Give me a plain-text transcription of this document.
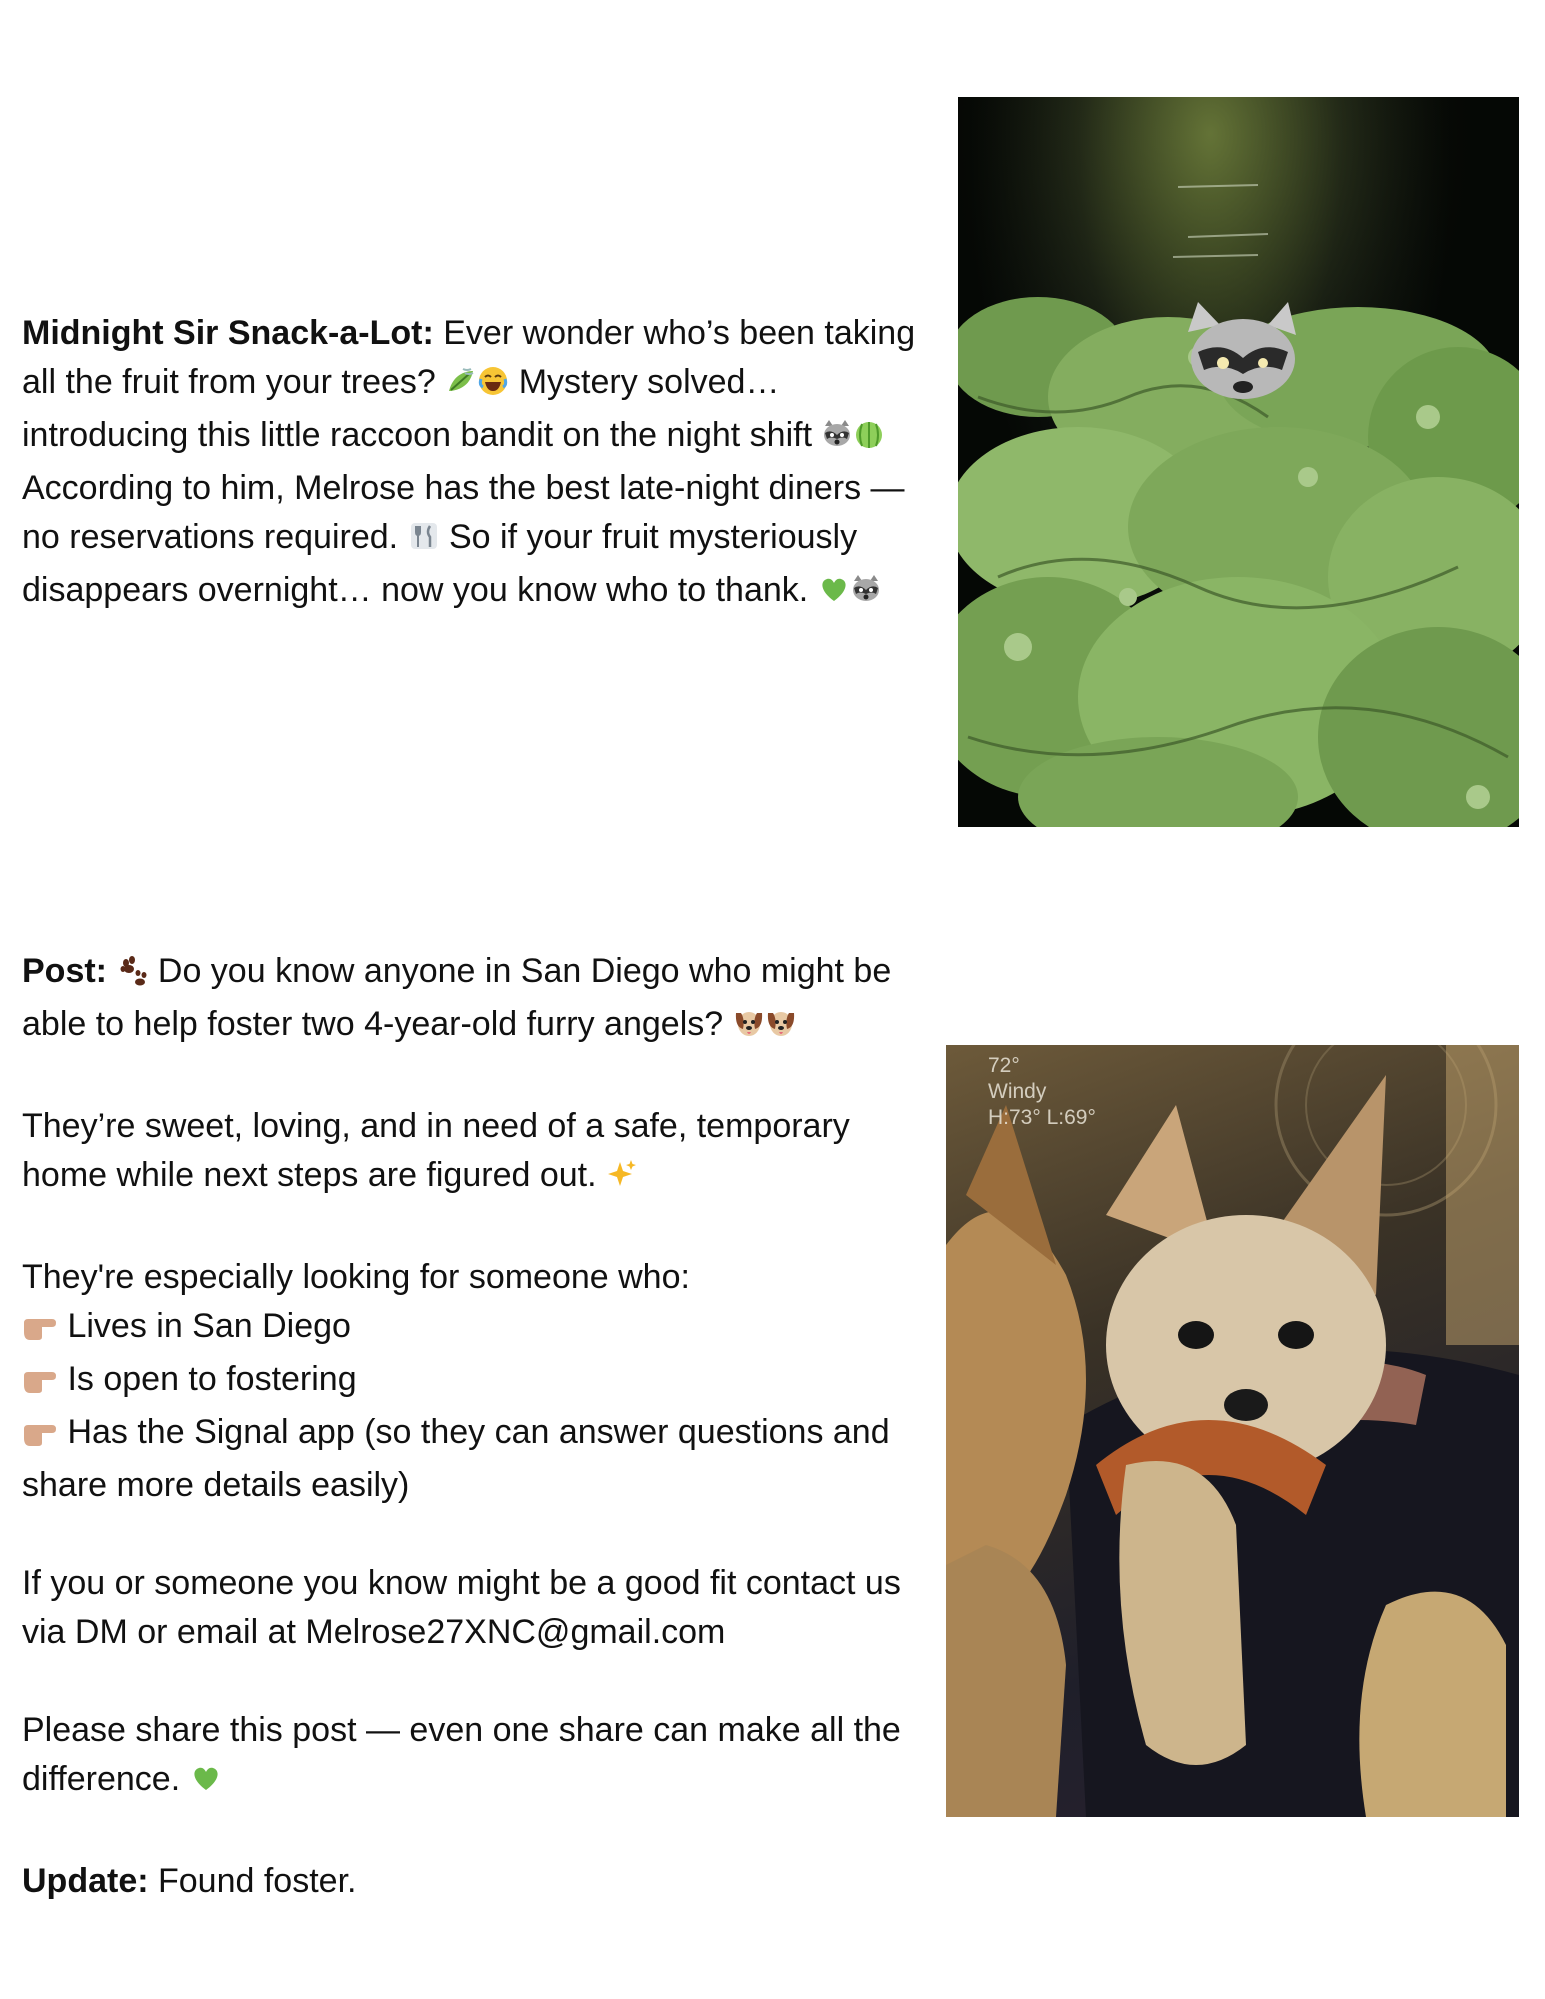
Midnight Sir Snack-a-Lot: Ever wonder who’s been taking all the fruit from your trees?  Mystery solved… introducing this little raccoon bandit on the night shift  According to him, Melrose has the best late-night diners — no reservations required.  So if your fruit mysteriously disappears overnight… now you know who to thank.

Post:  Do you know anyone in San Diego who might be able to help foster two 4-year-old furry angels?

They’re sweet, loving, and in need of a safe, temporary home while next steps are figured out.

They're especially looking for someone who:

Lives in San Diego

Is open to fostering

Has the Signal app (so they can answer questions and share more details easily)

If you or someone you know might be a good fit contact us via DM or email at Melrose27XNC@gmail.com

Please share this post — even one share can make all the difference.

Update: Found foster.

72°
Windy
H:73° L:69°
